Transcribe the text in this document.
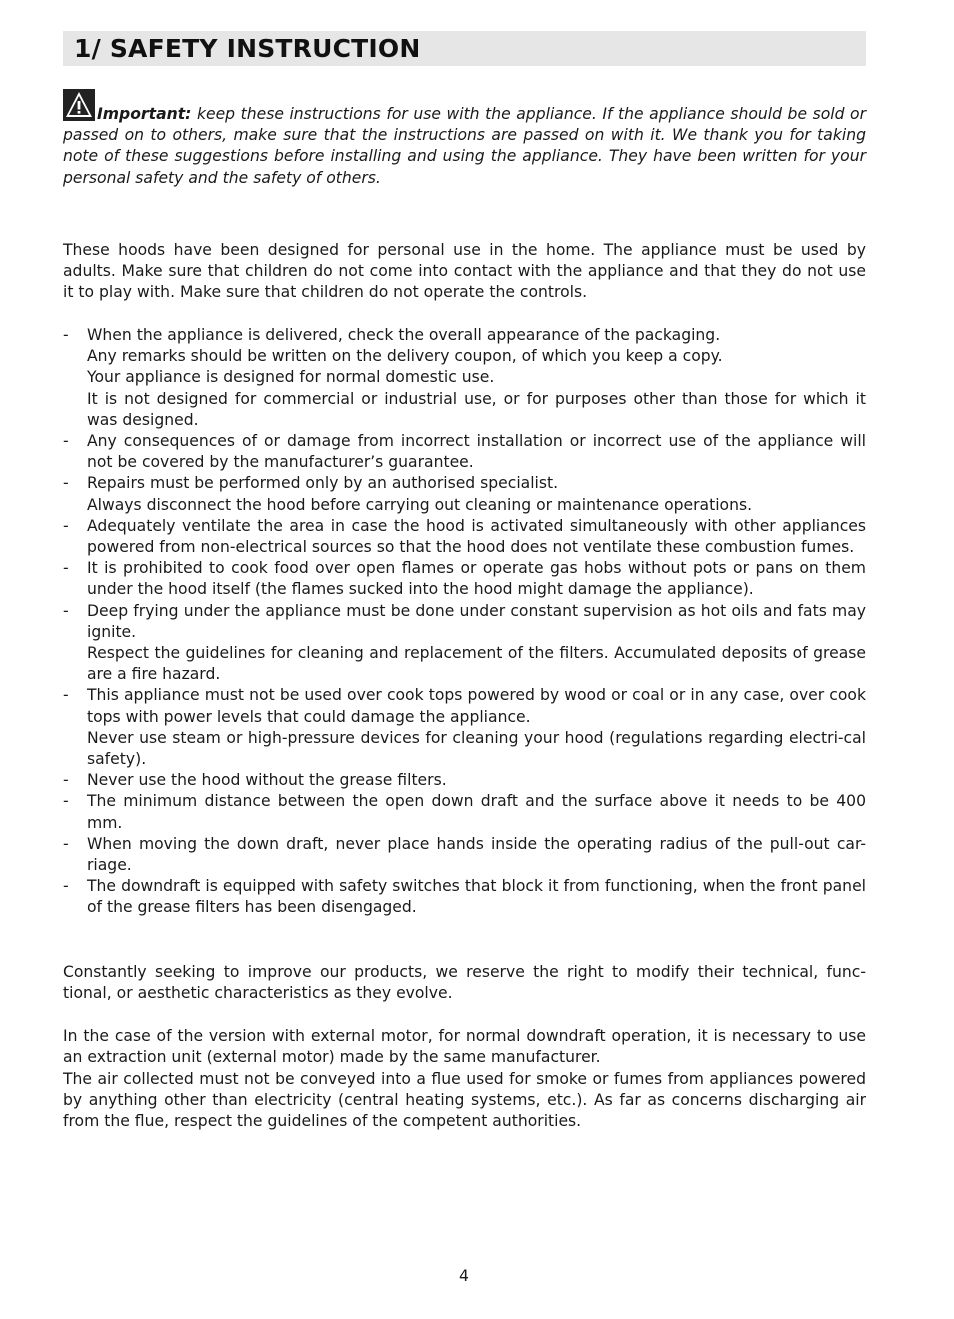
1/ SAFETY INSTRUCTION

Important: keep these instructions for use with the appliance. If the appliance should be sold or passed on to others, make sure that the instructions are passed on with it. We thank you for taking note of these suggestions before installing and using the appliance. They have been written for your personal safety and the safety of others.

These hoods have been designed for personal use in the home. The appliance must be used by adults. Make sure that children do not come into contact with the appliance and that they do not use it to play with. Make sure that children do not operate the controls.

- When the appliance is delivered, check the overall appearance of the packaging.
Any remarks should be written on the delivery coupon, of which you keep a copy.
Your appliance is designed for normal domestic use.
It is not designed for commercial or industrial use, or for purposes other than those for which it was designed.
- Any consequences of or damage from incorrect installation or incorrect use of the appliance will not be covered by the manufacturer’s guarantee.
- Repairs must be performed only by an authorised specialist.
Always disconnect the hood before carrying out cleaning or maintenance operations.
- Adequately ventilate the area in case the hood is activated simultaneously with other appliances powered from non-electrical sources so that the hood does not ventilate these combustion fumes.
- It is prohibited to cook food over open flames or operate gas hobs without pots or pans on them under the hood itself (the flames sucked into the hood might damage the appliance).
- Deep frying under the appliance must be done under constant supervision as hot oils and fats may ignite.
Respect the guidelines for cleaning and replacement of the filters. Accumulated deposits of grease are a fire hazard.
- This appliance must not be used over cook tops powered by wood or coal or in any case, over cook tops with power levels that could damage the appliance.
Never use steam or high-pressure devices for cleaning your hood (regulations regarding electri-cal safety).
- Never use the hood without the grease filters.
- The minimum distance between the open down draft and the surface above it needs to be 400 mm.
- When moving the down draft, never place hands inside the operating radius of the pull-out car-riage.
- The downdraft is equipped with safety switches that block it from functioning, when the front panel of the grease filters has been disengaged.

Constantly seeking to improve our products, we reserve the right to modify their technical, func-tional, or aesthetic characteristics as they evolve.

In the case of the version with external motor, for normal downdraft operation, it is necessary to use an extraction unit (external motor) made by the same manufacturer.

The air collected must not be conveyed into a flue used for smoke or fumes from appliances powered by anything other than electricity (central heating systems, etc.). As far as concerns discharging air from the flue, respect the guidelines of the competent authorities.

4
